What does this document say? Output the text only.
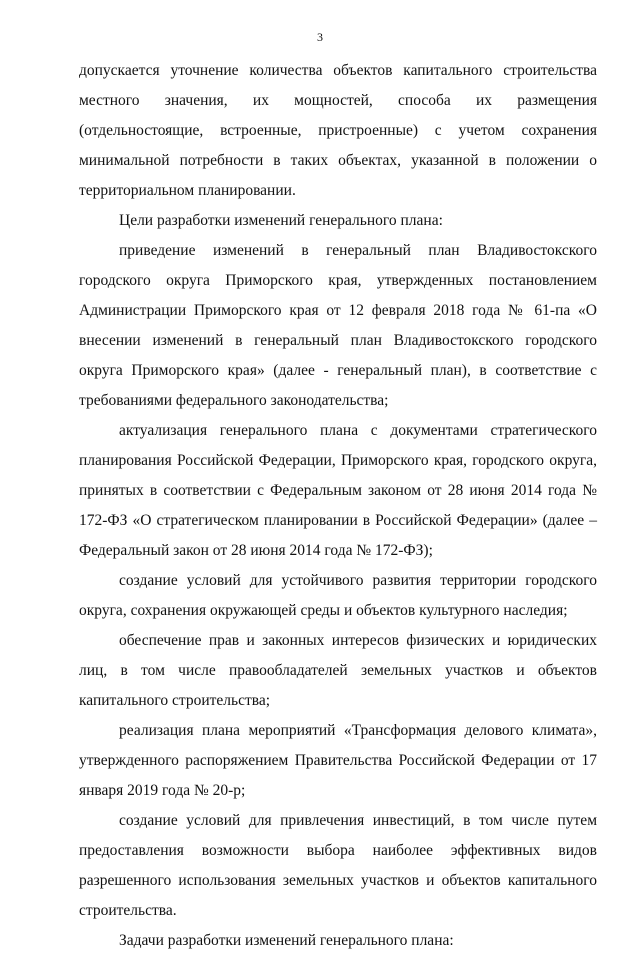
3

допускается уточнение количества объектов капитального строительства местного значения, их мощностей, способа их размещения (отдельностоящие, встроенные, пристроенные) с учетом сохранения минимальной потребности в таких объектах, указанной в положении о территориальном планировании.

Цели разработки изменений генерального плана:

приведение изменений в генеральный план Владивостокского городского округа Приморского края, утвержденных постановлением Администрации Приморского края от 12 февраля 2018 года № 61-па «О внесении изменений в генеральный план Владивостокского городского округа Приморского края» (далее - генеральный план), в соответствие с требованиями федерального законодательства;

актуализация генерального плана с документами стратегического планирования Российской Федерации, Приморского края, городского округа, принятых в соответствии с Федеральным законом от 28 июня 2014 года № 172-ФЗ «О стратегическом планировании в Российской Федерации» (далее – Федеральный закон от 28 июня 2014 года № 172-ФЗ);

создание условий для устойчивого развития территории городского округа, сохранения окружающей среды и объектов культурного наследия;

обеспечение прав и законных интересов физических и юридических лиц, в том числе правообладателей земельных участков и объектов капитального строительства;

реализация плана мероприятий «Трансформация делового климата», утвержденного распоряжением Правительства Российской Федерации от 17 января 2019 года № 20-р;

создание условий для привлечения инвестиций, в том числе путем предоставления возможности выбора наиболее эффективных видов разрешенного использования земельных участков и объектов капитального строительства.

Задачи разработки изменений генерального плана:
